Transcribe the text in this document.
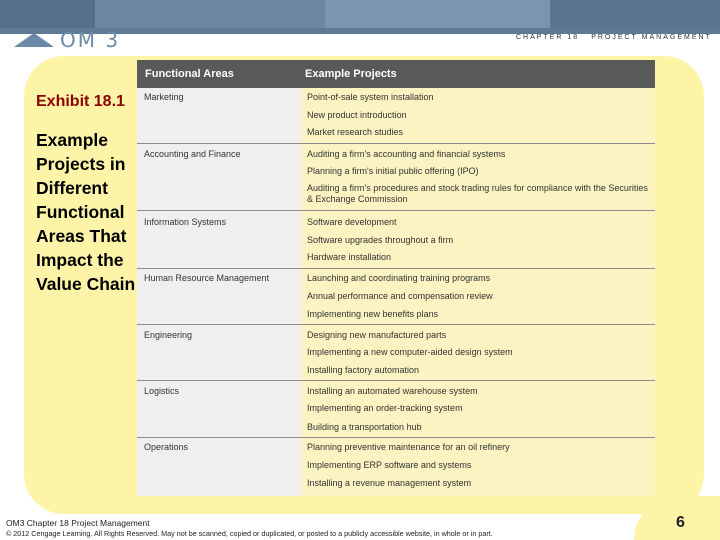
OM 3	CHAPTER 18 PROJECT MANAGEMENT
Exhibit 18.1
Example
Projects in
Different
Functional
Areas That
Impact the
Value Chain
Functional Areas	Example Projects
Marketing	Point-of-sale system installation
New product introduction
Market research studies
Accounting and Finance	Auditing a firm's accounting and financial systems
Planning a firm's initial public offering (IPO)
Auditing a firm's procedures and stock trading rules for compliance with the Securities & Exchange Commission
Information Systems	Software development
Software upgrades throughout a firm
Hardware installation
Human Resource Management	Launching and coordinating training programs
Annual performance and compensation review
Implementing new benefits plans
Engineering	Designing new manufactured parts
Implementing a new computer-aided design system
Installing factory automation
Logistics	Installing an automated warehouse system
Implementing an order-tracking system
Building a transportation hub
Operations	Planning preventive maintenance for an oil refinery
Implementing ERP software and systems
Installing a revenue management system
OM3 Chapter 18 Project Management
© 2012 Cengage Learning. All Rights Reserved. May not be scanned, copied or duplicated, or posted to a publicly accessible website, in whole or in part.
6
